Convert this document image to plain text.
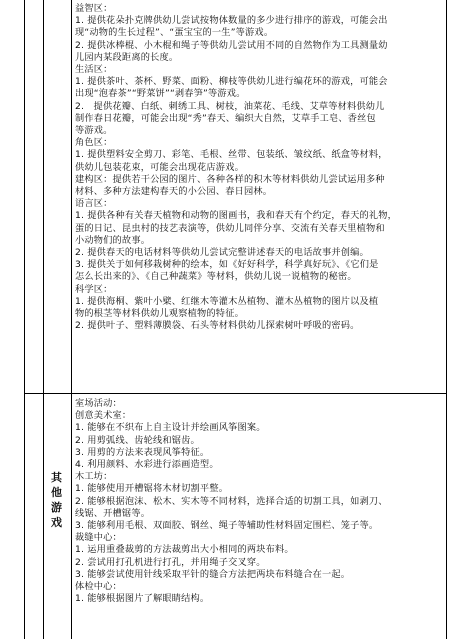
益智区：

1. 提供花朵扑克牌供幼儿尝试按物体数量的多少进行排序的游戏，可能会出

现“动物的生长过程”、“蛋宝宝的一生”等游戏。

2. 提供冰棒棍、小木棍和绳子等供幼儿尝试用不同的自然物作为工具测量幼

儿园内某段距离的长度。

生活区：

1. 提供茶叶、茶杯、野菜、面粉、柳枝等供幼儿进行编花环的游戏，可能会

出现“泡春茶”“野菜饼”“剥春笋”等游戏。

2.　提供花瓣、白纸、刺绣工具、树枝，油菜花、毛线、艾草等材料供幼儿

制作春日花瓣，可能会出现“秀”春天、编织大自然，艾草手工皂、香丝包

等游戏。

角色区：

1. 提供塑料安全剪刀、彩笔、毛根、丝带、包装纸、皱纹纸、纸盒等材料，

供幼儿包装花束，可能会出现花店游戏。

建构区：提供若干公园的图片、各种各样的积木等材料供幼儿尝试运用多种

材料、多种方法建构春天的小公园、春日园林。

语言区：

1. 提供各种有关春天植物和动物的图画书，我和春天有个约定，春天的礼物，

蛋的日记、昆虫村的技艺表演等，供幼儿同伴分享、交流有关春天里植物和

小动物们的故事。

2. 提供春天的电话材料等供幼儿尝试完整讲述春天的电话故事并创编。

3. 提供关于如何移栽树种的绘本，如《好好科学，科学真好玩》、《它们是

怎么长出来的》、《自己种蔬菜》等材料，供幼儿说一说植物的秘密。

科学区：

1. 提供海桐、紫叶小檗、红继木等灌木丛植物、灌木丛植物的图片以及植

物的根茎等材料供幼儿观察植物的特征。

2. 提供叶子、塑料薄膜袋、石头等材料供幼儿探索树叶呼吸的密码。

其
他
游
戏

室场活动：

创意美术室：

1. 能够在不织布上自主设计并绘画风筝图案。

2. 用剪弧线、齿轮线和锯齿。

3. 用剪的方法来表现风筝特征。

4. 利用颜料、水彩进行添画造型。

木工坊：

1. 能够使用开槽锯将木材切割平整。

2. 能够根据泡沫、松木、实木等不同材料，选择合适的切割工具，如剥刀、

线锯、开槽锯等。

3. 能够利用毛根、双面胶、钢丝、绳子等辅助性材料固定围栏、笼子等。

裁缝中心：

1. 运用重叠裁剪的方法裁剪出大小相同的两块布料。

2. 尝试用打孔机进行打孔，并用绳子交叉穿。

3. 能够尝试使用针线采取平针的缝合方法把两块布料缝合在一起。

体检中心：

1. 能够根据图片了解眼睛结构。
